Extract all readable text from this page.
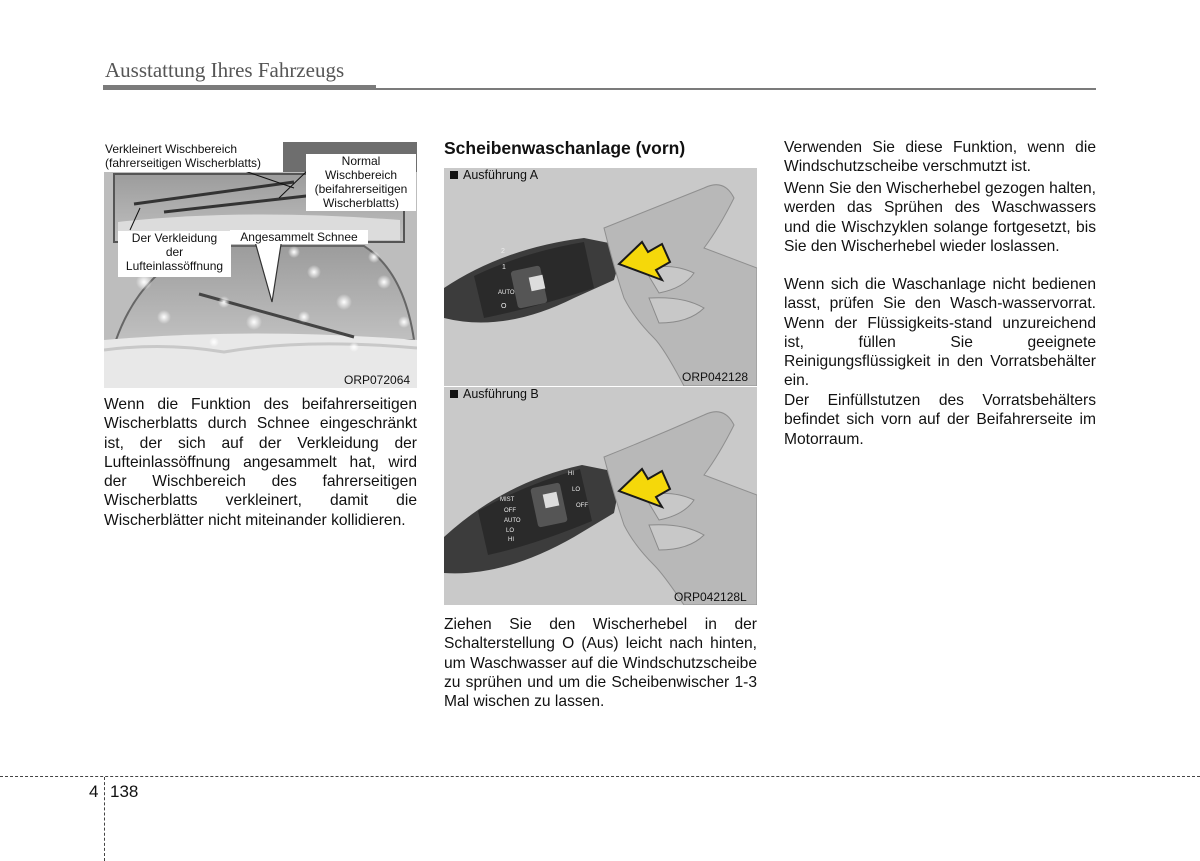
Ausstattung Ihres Fahrzeugs
Verkleinert Wischbereich
(fahrerseitigen Wischerblatts)	Normal
Wischbereich
(beifahrerseitigen
Wischerblatts)
Der Verkleidung
der
Lufteinlassöffnung
Angesammelt Schnee
ORP072064

Wenn die Funktion des beifahrerseitigen Wischerblatts durch Schnee eingeschränkt ist, der sich auf der Verkleidung der Lufteinlassöffnung angesammelt hat, wird der Wischbereich des fahrerseitigen Wischerblatts verkleinert, damit die Wischerblätter nicht miteinander kollidieren.

Scheibenwaschanlage (vorn)
Ausführung A
2
1
AUTO
O
ORP042128
Ausführung B
MIST
OFF
AUTO
LO
HI
HI
LO
OFF
ORP042128L

Ziehen Sie den Wischerhebel in der Schalterstellung O (Aus) leicht nach hinten, um Waschwasser auf die Windschutzscheibe zu sprühen und um die Scheibenwischer 1-3 Mal wischen zu lassen.

Verwenden Sie diese Funktion, wenn die Windschutzscheibe verschmutzt ist.

Wenn Sie den Wischerhebel gezogen halten, werden das Sprühen des Waschwassers und die Wischzyklen solange fortgesetzt, bis Sie den Wischerhebel wieder loslassen.

Wenn sich die Waschanlage nicht bedienen lasst, prüfen Sie den Wasch-wasservorrat. Wenn der Flüssigkeits-stand unzureichend ist, füllen Sie geeignete Reinigungsflüssigkeit in den Vorratsbehälter ein.

Der Einfüllstutzen des Vorratsbehälters befindet sich vorn auf der Beifahrerseite im Motorraum.

4 138
